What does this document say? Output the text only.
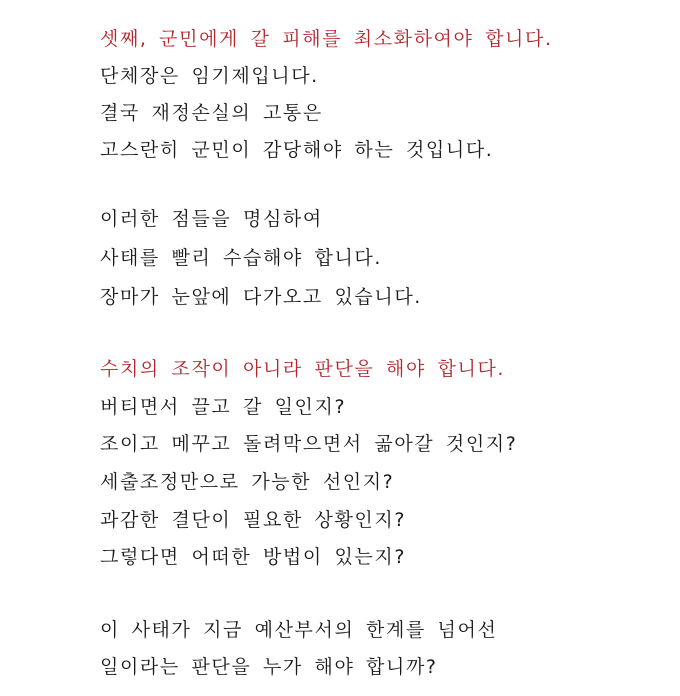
셋째, 군민에게 갈 피해를 최소화하여야 합니다.

단체장은 임기제입니다.

결국 재정손실의 고통은

고스란히 군민이 감당해야 하는 것입니다.

이러한 점들을 명심하여

사태를 빨리 수습해야 합니다.

장마가 눈앞에 다가오고 있습니다.

수치의 조작이 아니라 판단을 해야 합니다.

버티면서 끌고 갈 일인지?

조이고 메꾸고 돌려막으면서 곪아갈 것인지?

세출조정만으로 가능한 선인지?

과감한 결단이 필요한 상황인지?

그렇다면 어떠한 방법이 있는지?

이 사태가 지금 예산부서의 한계를 넘어선

일이라는 판단을 누가 해야 합니까?
